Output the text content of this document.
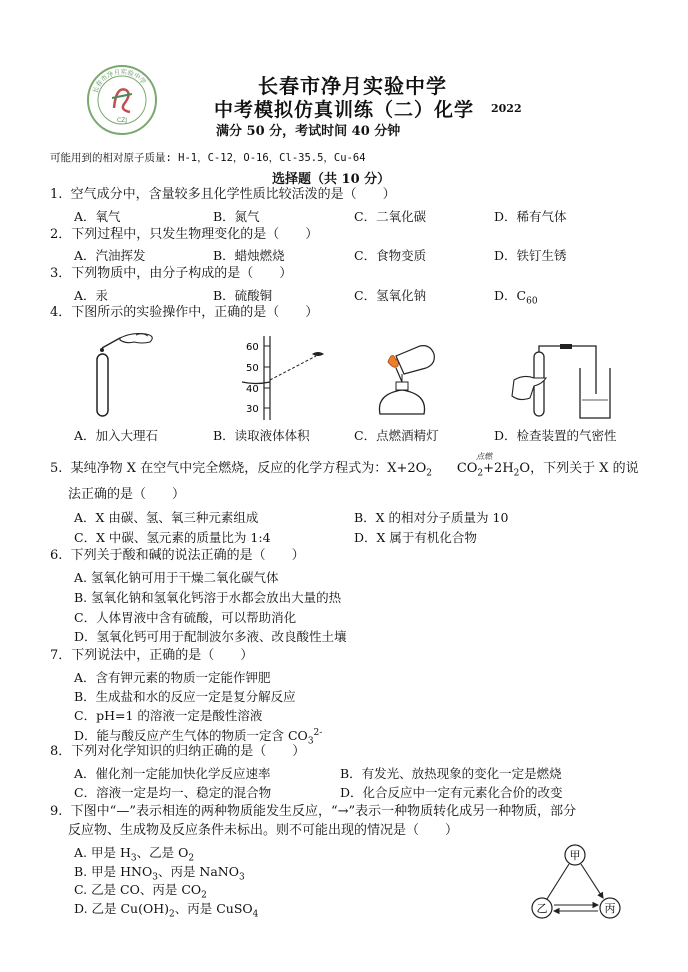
CZJ
长春市净月实验中学	长春市净月实验中学
中考模拟仿真训练（二）化学 2022
满分 50 分，考试时间 40 分钟
可能用到的相对原子质量: H-1，C-12，O-16，Cl-35.5，Cu-64
选择题（共 10 分）
1. 空气成分中，含量较多且化学性质比较活泼的是（　　）
A．氧气	B．氮气	C．二氧化碳	D．稀有气体
2．下列过程中，只发生物理变化的是（　　）
A．汽油挥发	B．蜡烛燃烧	C．食物变质	D．铁钉生锈
3．下列物质中，由分子构成的是（　　）
A．汞	B．硫酸铜	C．氢氧化钠	D．$C_{60}$
4．下图所示的实验操作中，正确的是（　　）
60
50
40
30
A．加入大理石	B．读取液体体积	C．点燃酒精灯	D．检查装置的气密性
点燃
5. 某纯净物 X 在空气中完全燃烧，反应的化学方程式为：$X+2O_2$ $CO_2+2H_2O$，下列关于 X 的说
法正确的是（　　）
A．X 由碳、氢、氧三种元素组成	B．X 的相对分子质量为 10
C．X 中碳、氢元素的质量比为 1:4	D．X 属于有机化合物
6. 下列关于酸和碱的说法正确的是（　　）
A. 氢氧化钠可用于干燥二氧化碳气体
B. 氢氧化钠和氢氧化钙溶于水都会放出大量的热
C．人体胃液中含有硫酸，可以帮助消化
D．氢氧化钙可用于配制波尔多液、改良酸性土壤
7．下列说法中，正确的是（　　）
A．含有钾元素的物质一定能作钾肥
B．生成盐和水的反应一定是复分解反应
C．pH=1 的溶液一定是酸性溶液
D．能与酸反应产生气体的物质一定含 $CO_3^{2-}$
8．下列对化学知识的归纳正确的是（　　）
A．催化剂一定能加快化学反应速率	B．有发光、放热现象的变化一定是燃烧
C．溶液一定是均一、稳定的混合物	D．化合反应中一定有元素化合价的改变
9. 下图中“—”表示相连的两种物质能发生反应，“→”表示一种物质转化成另一种物质，部分
反应物、生成物及反应条件未标出。则不可能出现的情况是（　　）
A. 甲是 $H_3$、乙是 $O_2$
B. 甲是 $HNO_3$、丙是 NaNO$_3$
C. 乙是 CO、丙是 $CO_2$
D. 乙是 $Cu(OH)_2$、丙是 CuSO$_4$
甲
乙	丙
